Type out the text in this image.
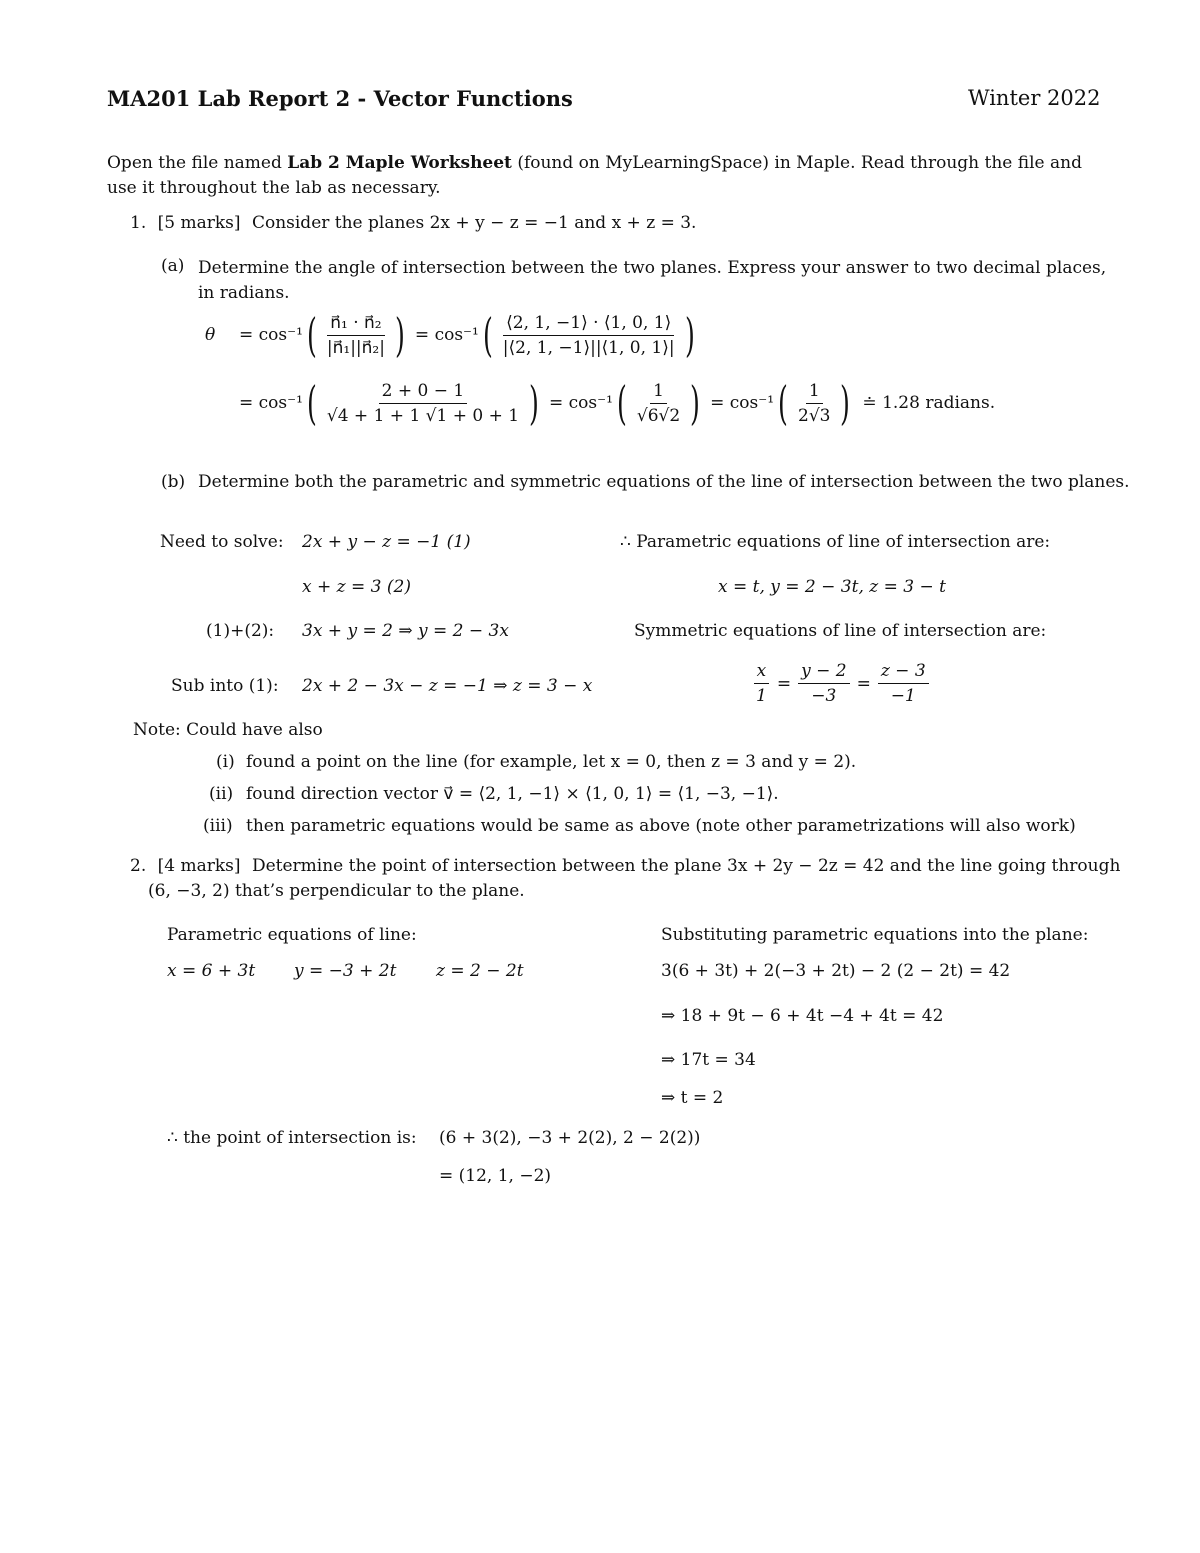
MA201 Lab Report 2 - Vector Functions	Winter 2022
Open the file named Lab 2 Maple Worksheet (found on MyLearningSpace) in Maple. Read through the file and
use it throughout the lab as necessary.
1. [5 marks] Consider the planes 2x + y − z = −1 and x + z = 3.
(a) Determine the angle of intersection between the two planes. Express your answer to two decimal places,
in radians.
θ	= cos⁻¹ ( $\frac{\text{n⃗₁ · n⃗₂}}{\text{|n⃗₁||n⃗₂|}}$ ) = cos⁻¹ ( $\frac{⟨2, 1, -1⟩ \cdot ⟨1, 0, 1⟩}{|⟨2, 1, -1⟩||⟨1, 0, 1⟩|}$ )
= cos⁻¹ ( $\frac{2 + 0 - 1}{√4 + 1 + 1 √1 + 0 + 1}$ ) = cos⁻¹ ( $\frac{1}{√6√2}$ ) = cos⁻¹ ( $\frac{1}{2√3}$ ) ≐ 1.28 radians.
(b) Determine both the parametric and symmetric equations of the line of intersection between the two planes.
Need to solve: 2x + y − z = −1 (1)
x + z = 3 (2)
(1)+(2): 3x + y = 2 ⇒ y = 2 − 3x
Sub into (1): 2x + 2 − 3x − z = −1 ⇒ z = 3 − x
∴ Parametric equations of line of intersection are:
x = t, y = 2 − 3t, z = 3 − t
Symmetric equations of line of intersection are:
$\frac{x}{1} = \frac{y - 2}{-3} = \frac{z - 3}{-1}$
Note: Could have also
(i) found a point on the line (for example, let x = 0, then z = 3 and y = 2).
(ii) found direction vector v⃗ = ⟨2, 1, −1⟩ × ⟨1, 0, 1⟩ = ⟨1, −3, −1⟩.
(iii) then parametric equations would be same as above (note other parametrizations will also work)
2. [4 marks] Determine the point of intersection between the plane 3x + 2y − 2z = 42 and the line going through
(6, −3, 2) that’s perpendicular to the plane.
Parametric equations of line:
x = 6 + 3t y = −3 + 2t z = 2 − 2t
Substituting parametric equations into the plane:
3(6 + 3t) + 2(−3 + 2t) − 2 (2 − 2t) = 42
⇒ 18 + 9t − 6 + 4t −4 + 4t = 42
⇒ 17t = 34
⇒ t = 2
∴ the point of intersection is: (6 + 3(2), −3 + 2(2), 2 − 2(2))
= (12, 1, −2)
